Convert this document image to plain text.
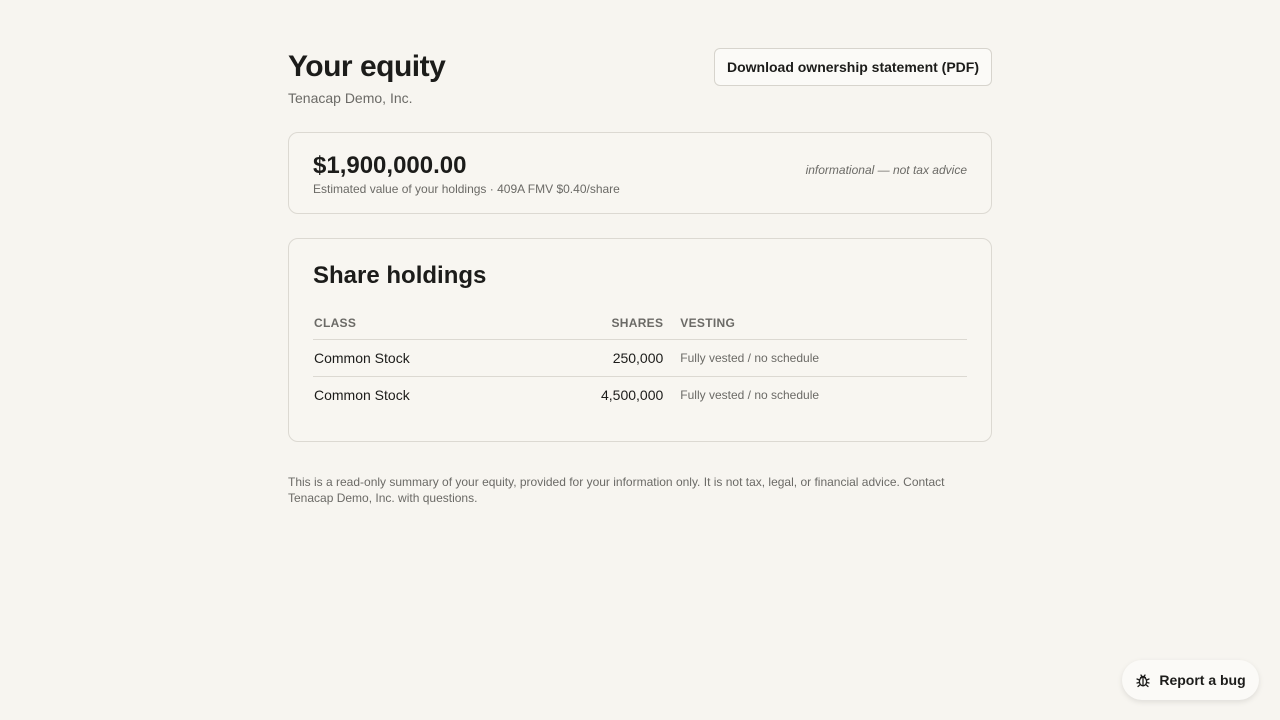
Your equity
Tenacap Demo, Inc.
Download ownership statement (PDF)
$1,900,000.00
Estimated value of your holdings · 409A FMV $0.40/share
informational — not tax advice
Share holdings
CLASS	SHARES	VESTING
Common Stock	250,000	Fully vested / no schedule
Common Stock	4,500,000	Fully vested / no schedule
This is a read-only summary of your equity, provided for your information only. It is not tax, legal, or financial advice. Contact Tenacap Demo, Inc. with questions.
Report a bug
